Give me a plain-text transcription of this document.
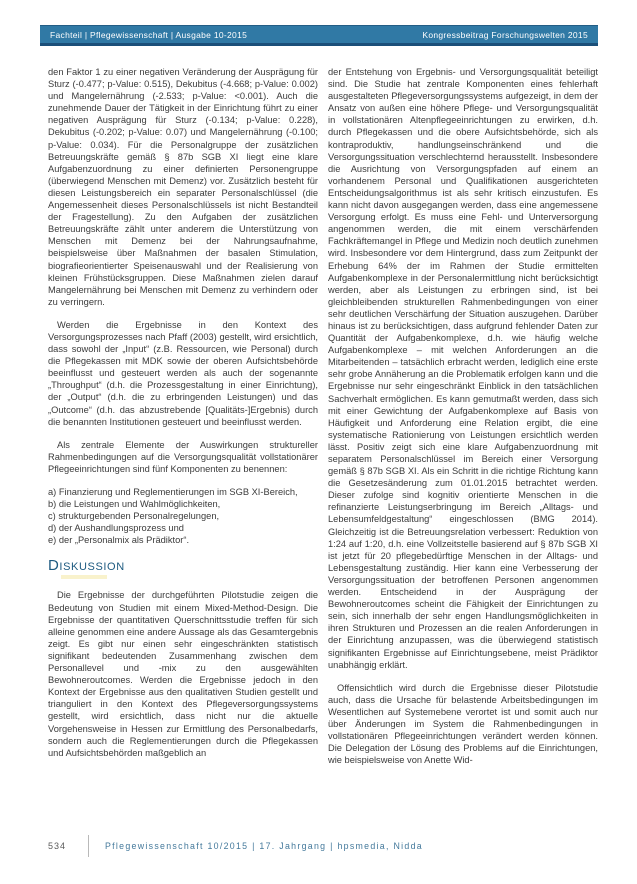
Fachteil | Pflegewissenschaft | Ausgabe 10-2015	Kongressbeitrag Forschungswelten 2015

den Faktor 1 zu einer negativen Veränderung der Ausprägung für Sturz (-0.477; p-Value: 0.515), Dekubitus (-4.668; p-Value: 0.002) und Mangelernährung (-2.533; p-Value: <0.001). Auch die zunehmende Dauer der Tätigkeit in der Einrichtung führt zu einer negativen Ausprägung für Sturz (-0.134; p-Value: 0.228), Dekubitus (-0.202; p-Value: 0.07) und Mangelernährung (-0.100; p-Value: 0.034). Für die Personalgruppe der zusätzlichen Betreuungskräfte gemäß § 87b SGB XI liegt eine klare Aufgabenzuordnung zu einer definierten Personengruppe (überwiegend Menschen mit Demenz) vor. Zusätzlich besteht für diesen Leistungsbereich ein separater Personalschlüssel (die Angemessenheit dieses Personalschlüssels ist nicht Bestandteil der Fragestellung). Zu den Aufgaben der zusätzlichen Betreuungskräfte zählt unter anderem die Unterstützung von Menschen mit Demenz bei der Nahrungsaufnahme, beispielsweise über Maßnahmen der basalen Stimulation, biografieorientierter Speisenauswahl und der Realisierung von kleinen Frühstücksgruppen. Diese Maßnahmen zielen darauf Mangelernährung bei Menschen mit Demenz zu verhindern oder zu verringern.

Werden die Ergebnisse in den Kontext des Versorgungsprozesses nach Pfaff (2003) gestellt, wird ersichtlich, dass sowohl der „Input“ (z.B. Ressourcen, wie Personal) durch die Pflegekassen mit MDK sowie der oberen Aufsichtsbehörde beeinflusst und gesteuert werden als auch der sogenannte „Throughput“ (d.h. die Prozessgestaltung in einer Einrichtung), der „Output“ (d.h. die zu erbringenden Leistungen) und das „Outcome“ (d.h. das abzustrebende [Qualitäts-]Ergebnis) durch die benannten Institutionen gesteuert und beeinflusst werden.

Als zentrale Elemente der Auswirkungen struktureller Rahmenbedingungen auf die Versorgungsqualität vollstationärer Pflegeeinrichtungen sind fünf Komponenten zu benennen:

a) Finanzierung und Reglementierungen im SGB XI-Bereich,

b) die Leistungen und Wahlmöglichkeiten,

c) strukturgebenden Personalregelungen,

d) der Aushandlungsprozess und

e) der „Personalmix als Prädiktor“.

Diskussion

Die Ergebnisse der durchgeführten Pilotstudie zeigen die Bedeutung von Studien mit einem Mixed-Method-Design. Die Ergebnisse der quantitativen Querschnittsstudie treffen für sich alleine genommen eine andere Aussage als das Gesamtergebnis zeigt. Es gibt nur einen sehr eingeschränkten statistisch signifikant bedeutenden Zusammenhang zwischen dem Personallevel und -mix zu den ausgewählten Bewohneroutcomes. Werden die Ergebnisse jedoch in den Kontext der Ergebnisse aus den qualitativen Studien gestellt und trianguliert in den Kontext des Pflegeversorgungssystems gestellt, wird ersichtlich, dass nicht nur die aktuelle Vorgehensweise in Hessen zur Ermittlung des Personalbedarfs, sondern auch die Reglementierungen durch die Pflegekassen und Aufsichtsbehörden maßgeblich an

der Entstehung von Ergebnis- und Versorgungsqualität beteiligt sind. Die Studie hat zentrale Komponenten eines fehlerhaft ausgestalteten Pflegeversorgungssystems aufgezeigt, in dem der Ansatz von außen eine höhere Pflege- und Versorgungsqualität in vollstationären Altenpflegeeinrichtungen zu erwirken, d.h. durch Pflegekassen und die obere Aufsichtsbehörde, sich als kontraproduktiv, handlungseinschränkend und die Versorgungssituation verschlechternd herausstellt. Insbesondere die Ausrichtung von Versorgungspfaden auf einem an vorhandenem Personal und Qualifikationen ausgerichteten Entscheidungsalgorithmus ist als sehr kritisch einzustufen. Es kann nicht davon ausgegangen werden, dass eine angemessene Versorgung erfolgt. Es muss eine Fehl- und Unterversorgung angenommen werden, die mit einem verschärfenden Fachkräftemangel in Pflege und Medizin noch deutlich zunehmen wird. Insbesondere vor dem Hintergrund, dass zum Zeitpunkt der Erhebung 64% der im Rahmen der Studie ermittelten Aufgabenkomplexe in der Personalermittlung nicht berücksichtigt werden, aber als Leistungen zu erbringen sind, ist bei gleichbleibenden strukturellen Rahmenbedingungen von einer sehr deutlichen Verschärfung der Situation auszugehen. Darüber hinaus ist zu berücksichtigen, dass aufgrund fehlender Daten zur Quantität der Aufgabenkomplexe, d.h. wie häufig welche Aufgabenkomplexe – mit welchen Anforderungen an die Mitarbeitenden – tatsächlich erbracht werden, lediglich eine erste sehr grobe Annäherung an die Problematik erfolgen kann und die Ergebnisse nur sehr eingeschränkt Einblick in den tatsächlichen Sachverhalt ermöglichen. Es kann gemutmaßt werden, dass sich mit einer Gewichtung der Aufgabenkomplexe auf Basis von Häufigkeit und Anforderung eine Relation ergibt, die eine systematische Rationierung von Leistungen ersichtlich werden lässt. Positiv zeigt sich eine klare Aufgabenzuordnung mit separatem Personalschlüssel im Bereich einer Versorgung gemäß § 87b SGB XI. Als ein Schritt in die richtige Richtung kann die Gesetzesänderung zum 01.01.2015 betrachtet werden. Dieser zufolge sind kognitiv orientierte Menschen in die refinanzierte Leistungserbringung im Bereich „Alltags- und Lebensumfeldgestaltung“ eingeschlossen (BMG 2014). Gleichzeitig ist die Betreuungsrelation verbessert: Reduktion von 1:24 auf 1:20, d.h. eine Vollzeitstelle basierend auf § 87b SGB XI ist jetzt für 20 pflegebedürftige Menschen in der Alltags- und Lebensgestaltung zuständig. Hier kann eine Verbesserung der Versorgungssituation der betroffenen Personen angenommen werden. Entscheidend in der Ausprägung der Bewohneroutcomes scheint die Fähigkeit der Einrichtungen zu sein, sich innerhalb der sehr engen Handlungsmöglichkeiten in ihren Strukturen und Prozessen an die realen Anforderungen in der Einrichtung anzupassen, was die überwiegend statistisch signifikanten Ergebnisse auf Einrichtungsebene, meist Prädiktor unabhängig erklärt.

Offensichtlich wird durch die Ergebnisse dieser Pilotstudie auch, dass die Ursache für belastende Arbeitsbedingungen im Wesentlichen auf Systemebene verortet ist und somit auch nur über Änderungen im System die Rahmenbedingungen in vollstationären Pflegeeinrichtungen verändert werden können. Die Delegation der Lösung des Problems auf die Einrichtungen, wie beispielsweise von Anette Wid-

534	Pflegewissenschaft 10/2015 | 17. Jahrgang | hpsmedia, Nidda
